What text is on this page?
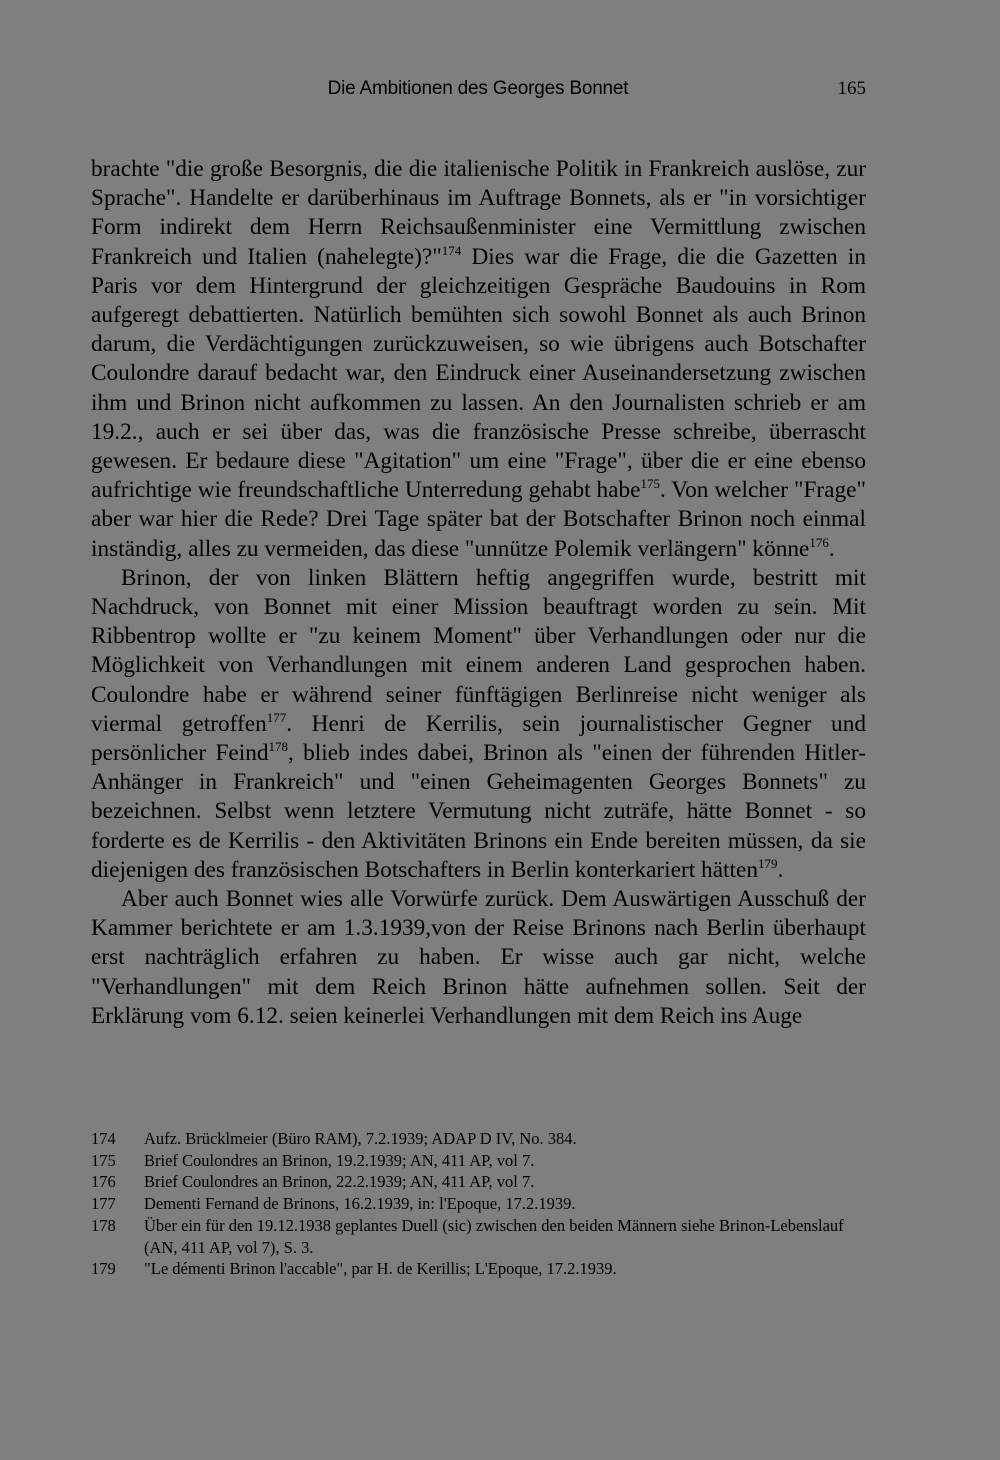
Die Ambitionen des Georges Bonnet	165

brachte "die große Besorgnis, die die italienische Politik in Frankreich auslöse, zur Sprache". Handelte er darüberhinaus im Auftrage Bonnets, als er "in vorsichtiger Form indirekt dem Herrn Reichsaußenminister eine Vermittlung zwischen Frankreich und Italien (nahelegte)?"$^{174}$ Dies war die Frage, die die Gazetten in Paris vor dem Hintergrund der gleichzeitigen Gespräche Baudouins in Rom aufgeregt debattierten. Natürlich bemühten sich sowohl Bonnet als auch Brinon darum, die Verdächtigungen zurückzuweisen, so wie übrigens auch Botschafter Coulondre darauf bedacht war, den Eindruck einer Auseinandersetzung zwischen ihm und Brinon nicht aufkommen zu lassen. An den Journalisten schrieb er am 19.2., auch er sei über das, was die französische Presse schreibe, überrascht gewesen. Er bedaure diese "Agitation" um eine "Frage", über die er eine ebenso aufrichtige wie freundschaftliche Unterredung gehabt habe$^{175}$. Von welcher "Frage" aber war hier die Rede? Drei Tage später bat der Botschafter Brinon noch einmal inständig, alles zu vermeiden, das diese "unnütze Polemik verlängern" könne$^{176}$.

Brinon, der von linken Blättern heftig angegriffen wurde, bestritt mit Nachdruck, von Bonnet mit einer Mission beauftragt worden zu sein. Mit Ribbentrop wollte er "zu keinem Moment" über Verhandlungen oder nur die Möglichkeit von Verhandlungen mit einem anderen Land gesprochen haben. Coulondre habe er während seiner fünftägigen Berlinreise nicht weniger als viermal getroffen$^{177}$. Henri de Kerrilis, sein journalistischer Gegner und persönlicher Feind$^{178}$, blieb indes dabei, Brinon als "einen der führenden Hitler-Anhänger in Frankreich" und "einen Geheimagenten Georges Bonnets" zu bezeichnen. Selbst wenn letztere Vermutung nicht zuträfe, hätte Bonnet - so forderte es de Kerrilis - den Aktivitäten Brinons ein Ende bereiten müssen, da sie diejenigen des französischen Botschafters in Berlin konterkariert hätten$^{179}$.

Aber auch Bonnet wies alle Vorwürfe zurück. Dem Auswärtigen Ausschuß der Kammer berichtete er am 1.3.1939,von der Reise Brinons nach Berlin überhaupt erst nachträglich erfahren zu haben. Er wisse auch gar nicht, welche "Verhandlungen" mit dem Reich Brinon hätte aufnehmen sollen. Seit der Erklärung vom 6.12. seien keinerlei Verhandlungen mit dem Reich ins Auge

174	Aufz. Brücklmeier (Büro RAM), 7.2.1939; ADAP D IV, No. 384.
175	Brief Coulondres an Brinon, 19.2.1939; AN, 411 AP, vol 7.
176	Brief Coulondres an Brinon, 22.2.1939; AN, 411 AP, vol 7.
177	Dementi Fernand de Brinons, 16.2.1939, in: l'Epoque, 17.2.1939.
178	Über ein für den 19.12.1938 geplantes Duell (sic) zwischen den beiden Männern siehe Brinon-Lebenslauf (AN, 411 AP, vol 7), S. 3.
179	"Le démenti Brinon l'accable", par H. de Kerillis; L'Epoque, 17.2.1939.
